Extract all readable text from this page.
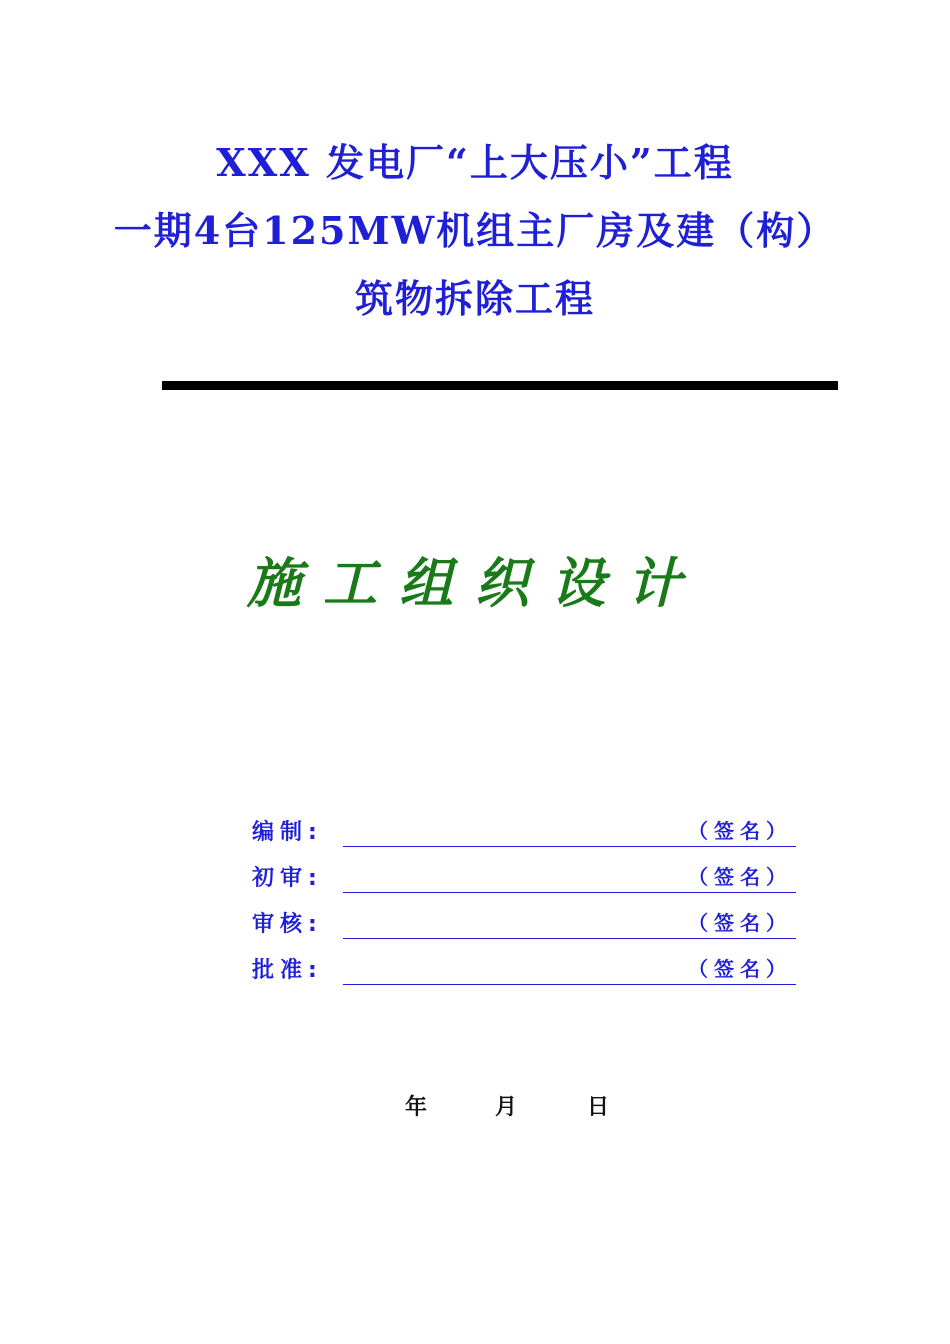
XXX 发电厂“上大压小”工程
一期4台125MW机组主厂房及建（构）
筑物拆除工程
施工组织设计
编制:	（签名）
初审:	（签名）
审核:	（签名）
批准:	（签名）
年	月	日
